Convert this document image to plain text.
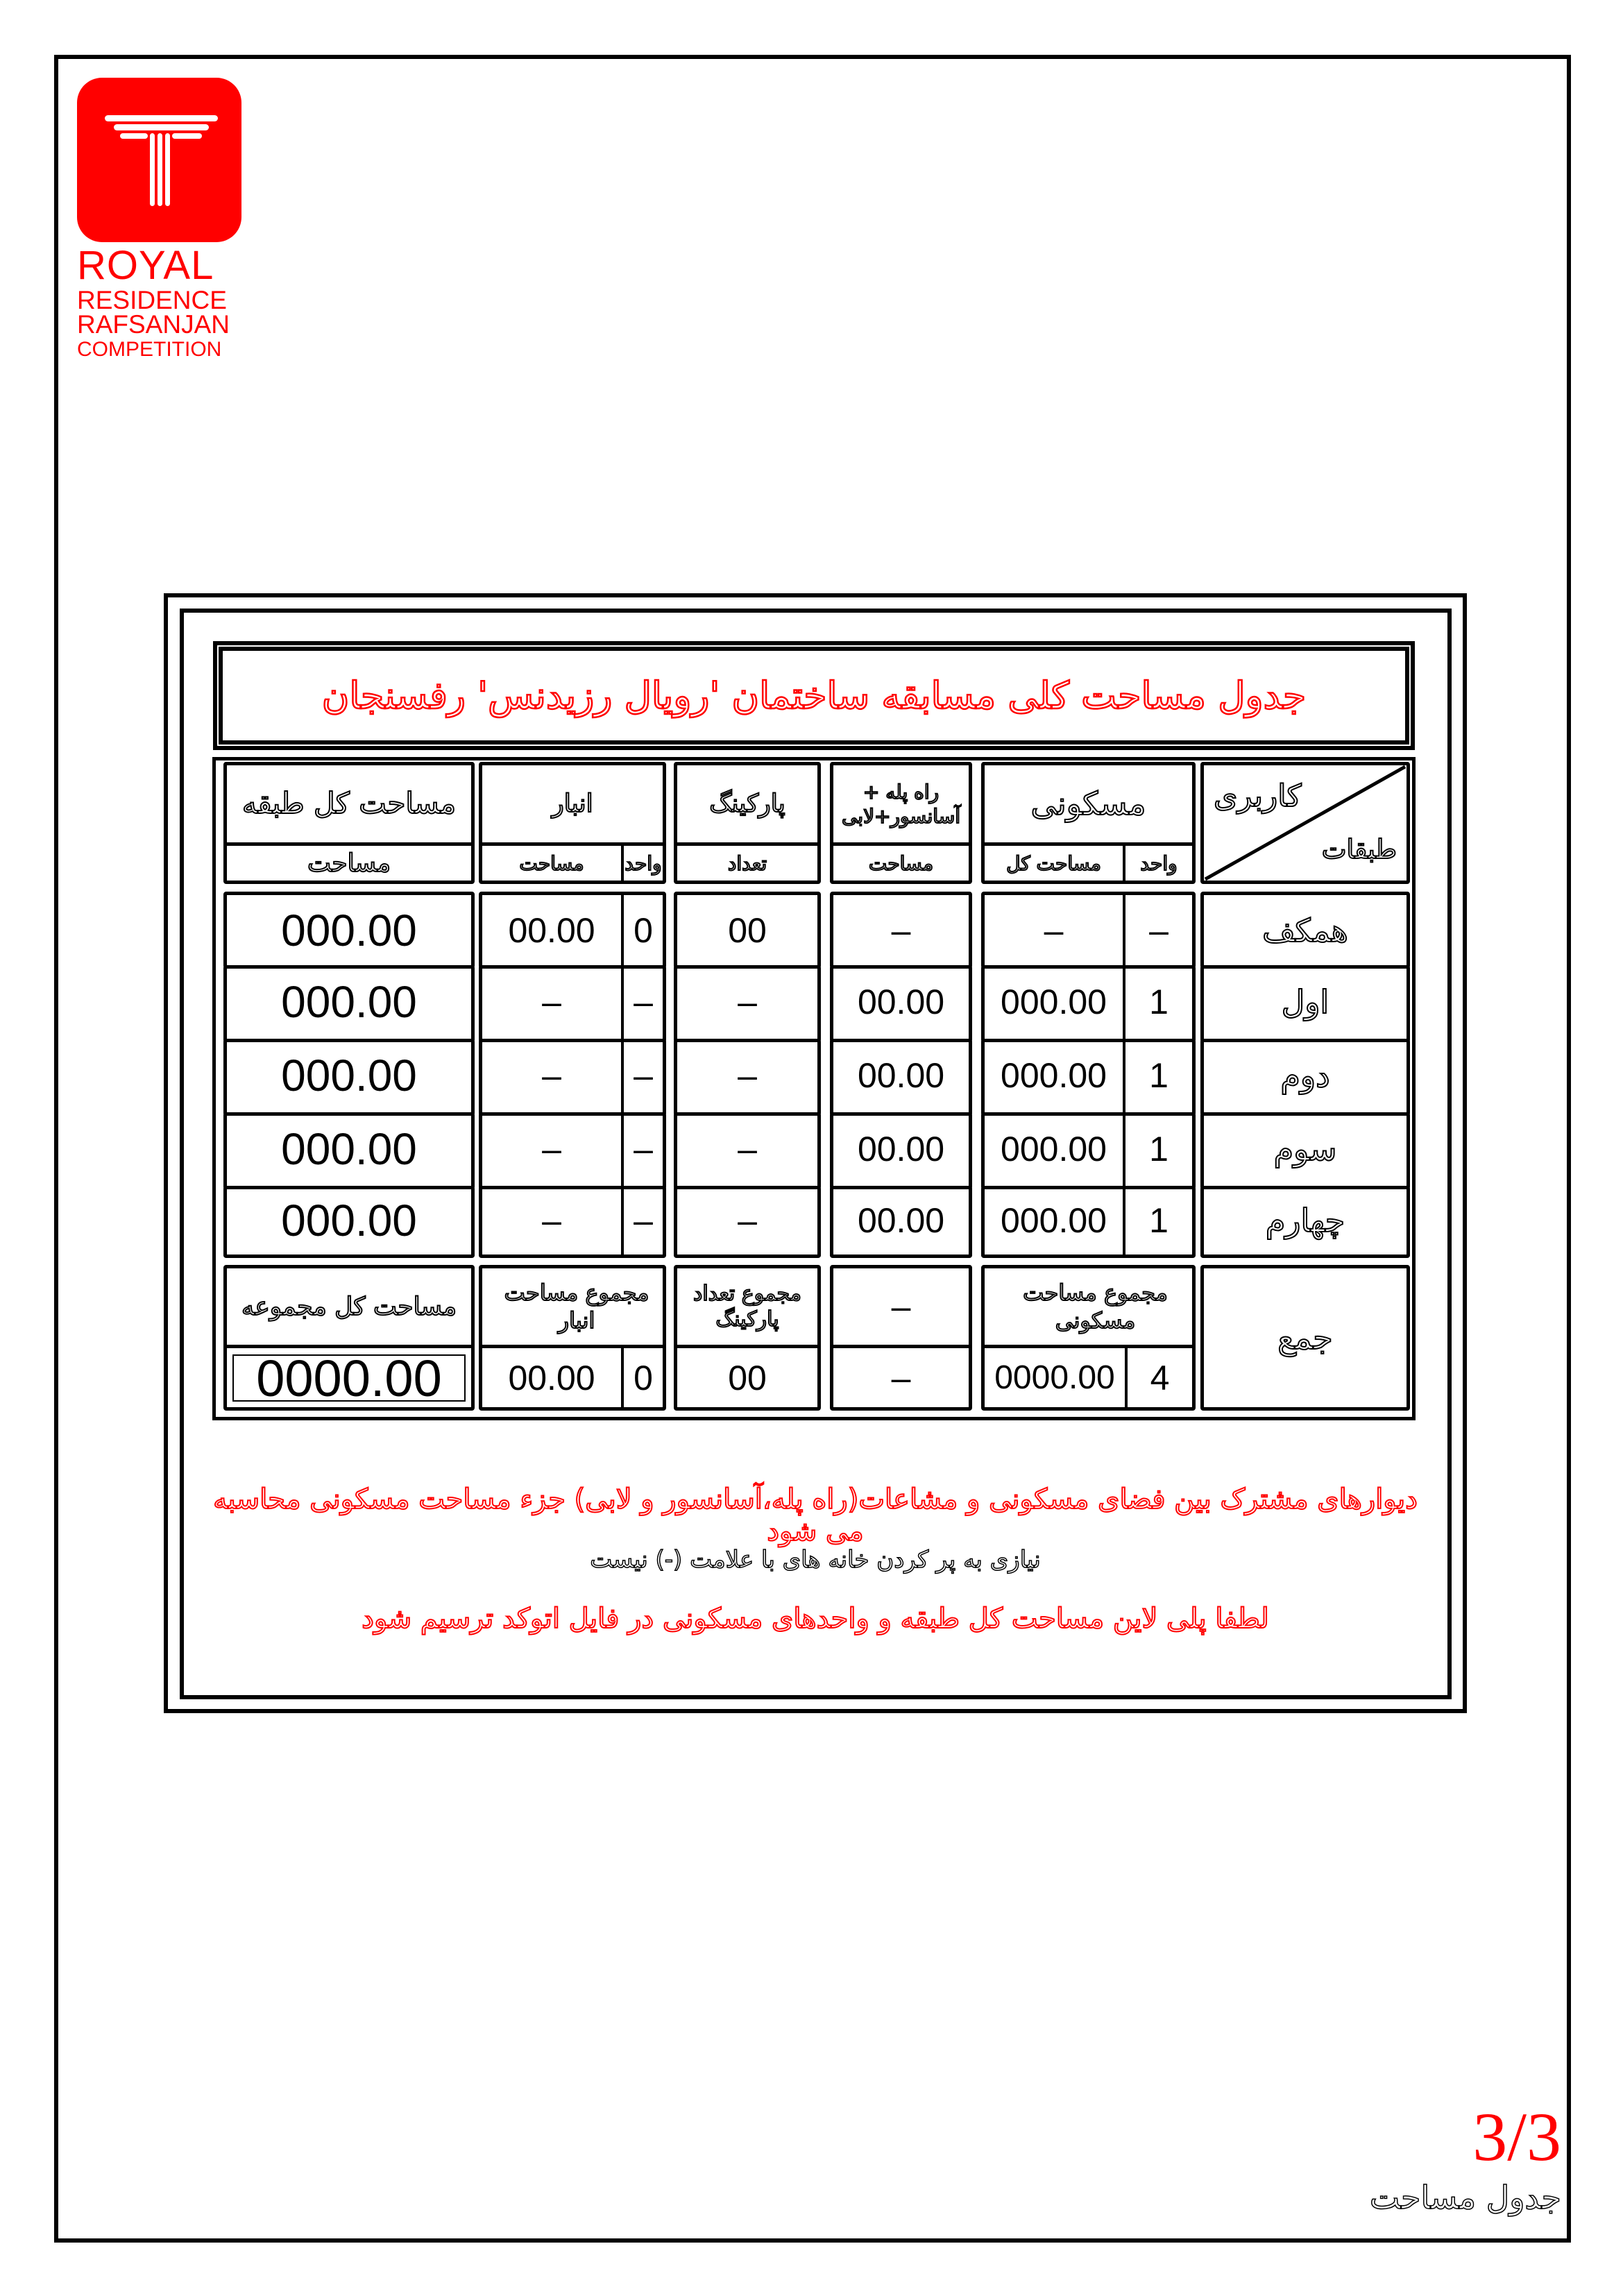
ROYAL
RESIDENCE
RAFSANJAN
COMPETITION
جدول مساحت کلی مسابقه ساختمان 'رویال رزیدنس' رفسنجان
کاربری
طبقات
مسکونی
واحد
مساحت کل
راه پله + آسانسور+لابی
مساحت
پارکینگ
تعداد
انبار
واحد
مساحت
مساحت کل طبقه
مساحت
همکف
–
–
–
00
0
00.00
000.00
اول
1
000.00
00.00
–
–
–
000.00
دوم
1
000.00
00.00
–
–
–
000.00
سوم
1
000.00
00.00
–
–
–
000.00
چهارم
1
000.00
00.00
–
–
–
000.00
جمع
مجموع مساحت مسکونی
4
0000.00
–
–
مجموع تعداد پارکینگ
00
مجموع مساحت انبار
0
00.00
مساحت کل مجموعه
0000.00
دیوارهای مشترک بین فضای مسکونی و مشاعات(راه پله،آسانسور و لابی) جزء مساحت مسکونی محاسبه می شود
نیازی به پر کردن خانه های با علامت (-) نیست
لطفا پلی لاین مساحت کل طبقه و واحدهای مسکونی در فایل اتوکد ترسیم شود
3/3
جدول مساحت
